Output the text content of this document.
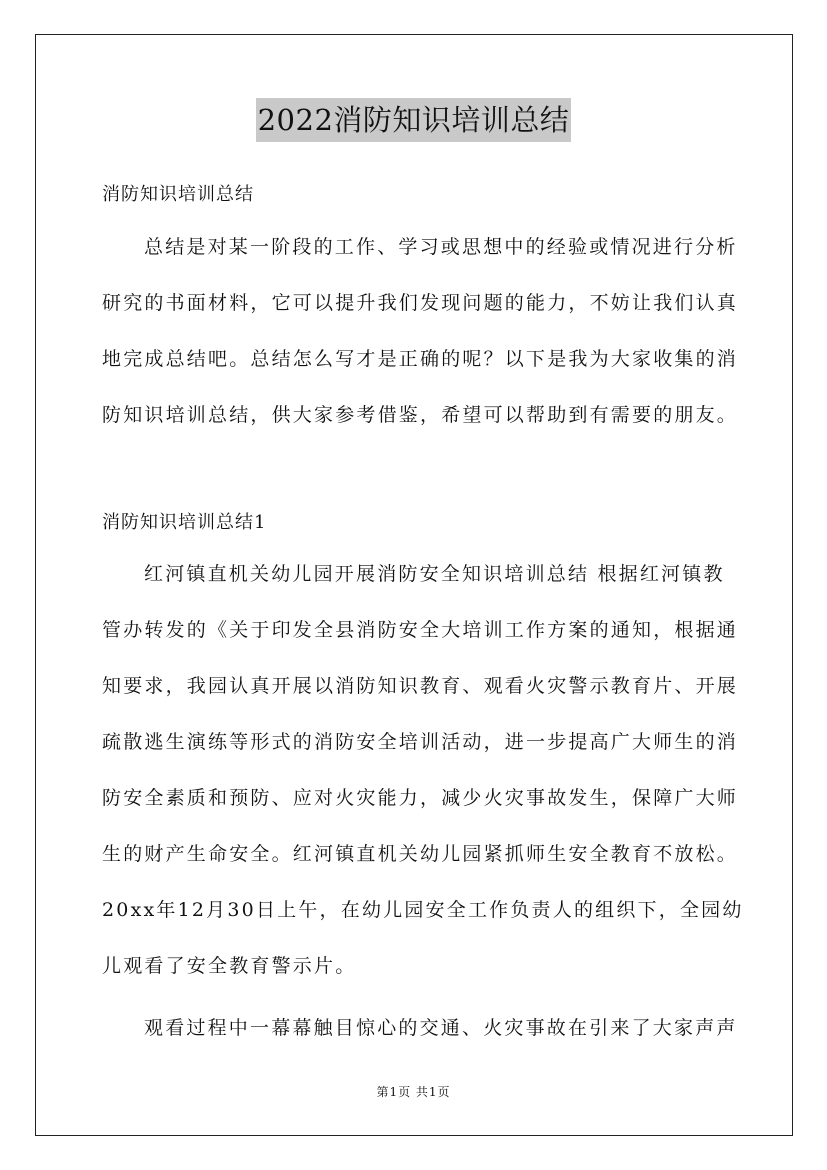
2022消防知识培训总结
消防知识培训总结
总结是对某一阶段的工作、学习或思想中的经验或情况进行分析
研究的书面材料，它可以提升我们发现问题的能力，不妨让我们认真
地完成总结吧。总结怎么写才是正确的呢？以下是我为大家收集的消
防知识培训总结，供大家参考借鉴，希望可以帮助到有需要的朋友。
消防知识培训总结1
红河镇直机关幼儿园开展消防安全知识培训总结 根据红河镇教
管办转发的《关于印发全县消防安全大培训工作方案的通知，根据通
知要求，我园认真开展以消防知识教育、观看火灾警示教育片、开展
疏散逃生演练等形式的消防安全培训活动，进一步提高广大师生的消
防安全素质和预防、应对火灾能力，减少火灾事故发生，保障广大师
生的财产生命安全。红河镇直机关幼儿园紧抓师生安全教育不放松。
20xx年12月30日上午，在幼儿园安全工作负责人的组织下，全园幼
儿观看了安全教育警示片。
观看过程中一幕幕触目惊心的交通、火灾事故在引来了大家声声
第1页 共1页
